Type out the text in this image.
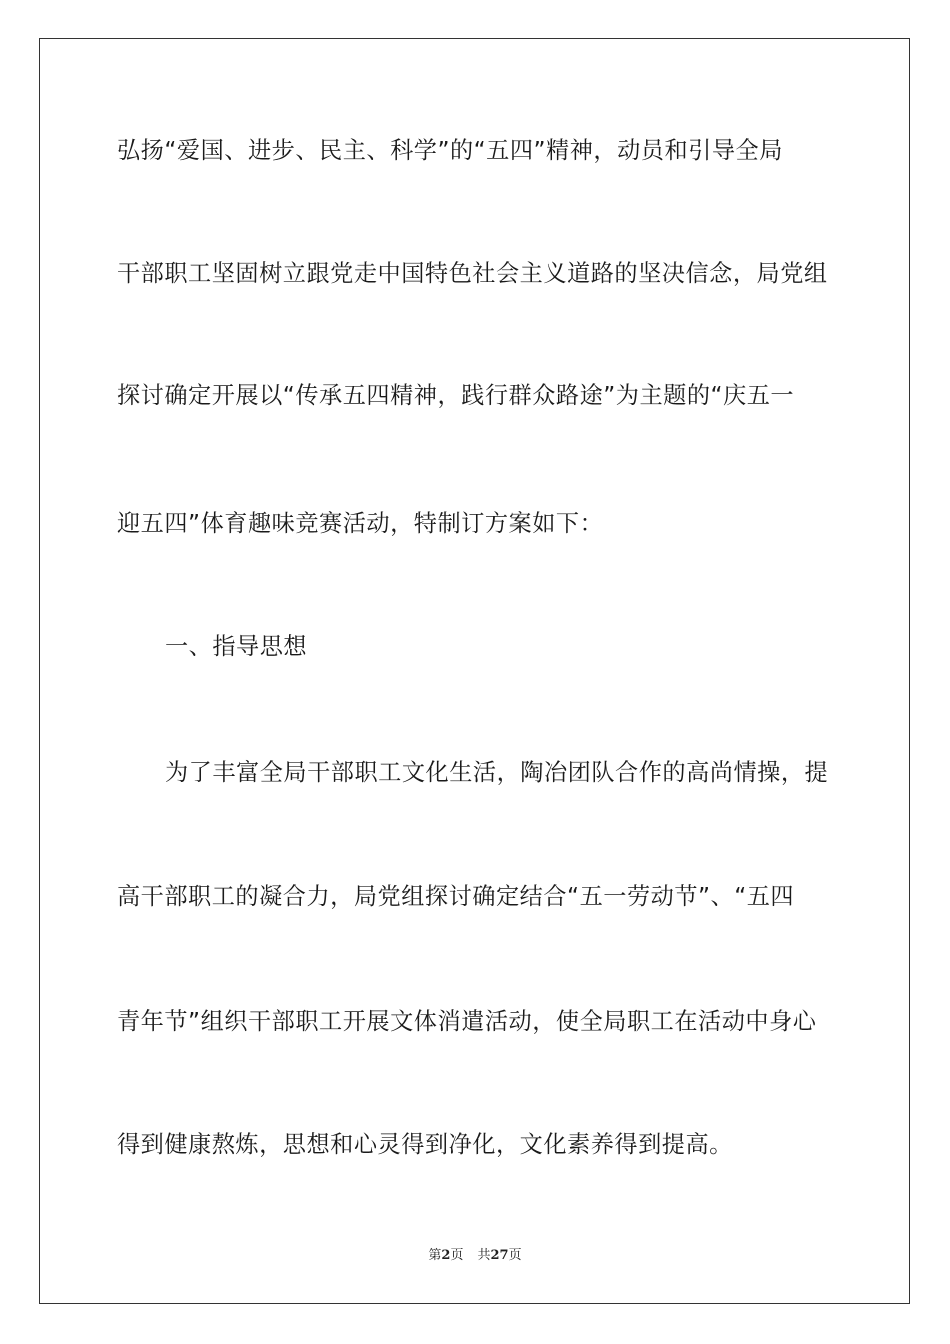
弘扬“爱国、进步、民主、科学”的“五四”精神，动员和引导全局
干部职工坚固树立跟党走中国特色社会主义道路的坚决信念，局党组
探讨确定开展以“传承五四精神，践行群众路途”为主题的“庆五一
迎五四”体育趣味竞赛活动，特制订方案如下：
一、指导思想
为了丰富全局干部职工文化生活，陶冶团队合作的高尚情操，提
高干部职工的凝合力，局党组探讨确定结合“五一劳动节”、“五四
青年节”组织干部职工开展文体消遣活动，使全局职工在活动中身心
得到健康熬炼，思想和心灵得到净化，文化素养得到提高。
第2页 共27页
